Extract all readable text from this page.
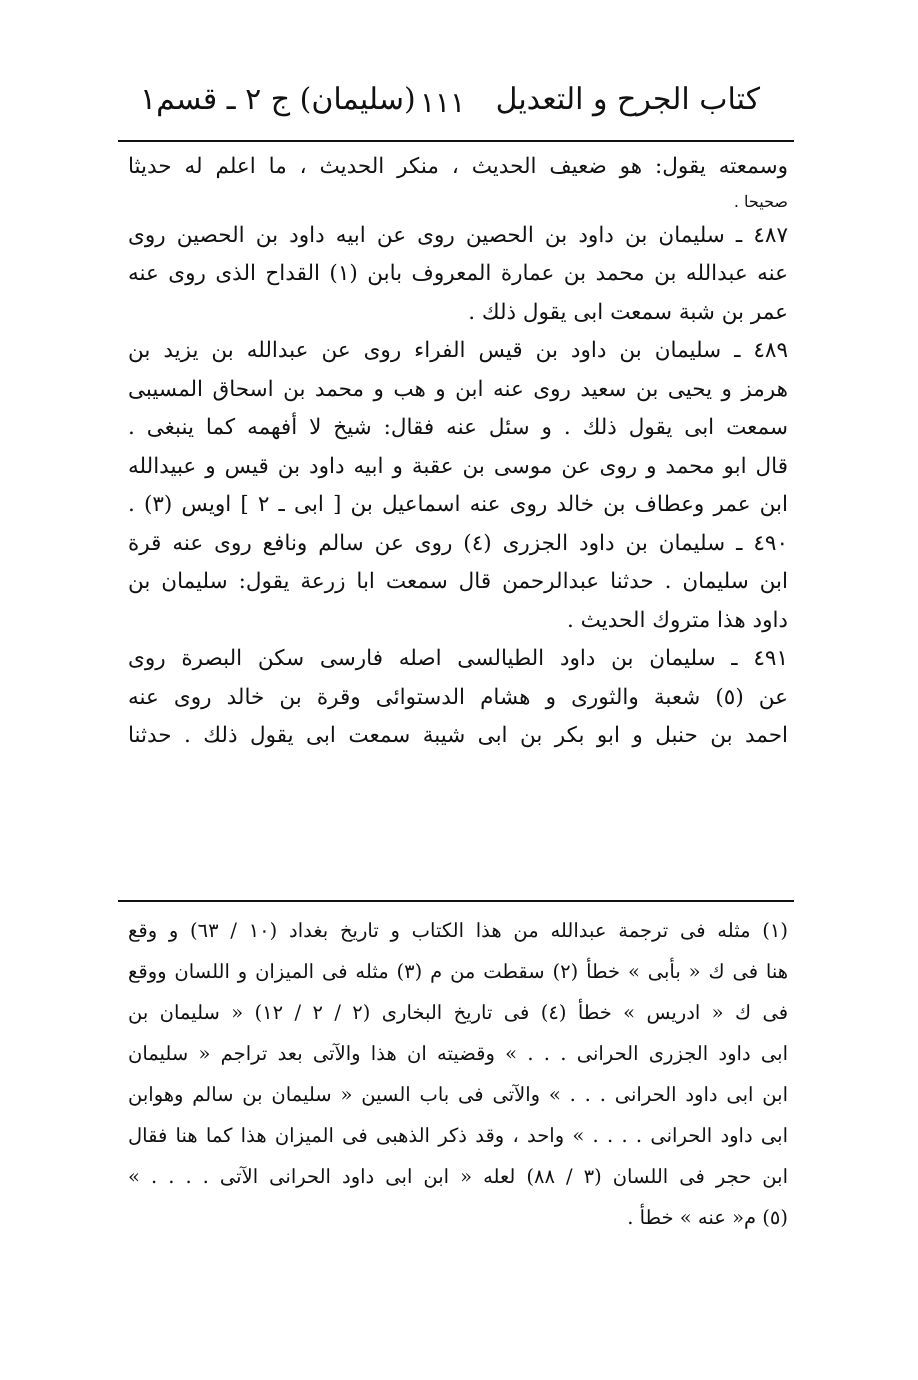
كتاب الجرح و التعديل
١١١
(سليمان) ج ٢ ـ قسم١
وسمعته يقول: هو ضعيف الحديث ، منكر الحديث ، ما اعلم له حديثا
صحيحا .
٤٨٧ ـ سليمان بن داود بن الحصين روى عن ابيه داود بن الحصين روى
عنه عبدالله بن محمد بن عمارة المعروف بابن (١) القداح الذى روى عنه
عمر بن شبة سمعت ابى يقول ذلك .
٤٨٩ ـ سليمان بن داود بن قيس الفراء روى عن عبدالله بن يزيد بن
هرمز و يحيى بن سعيد روى عنه ابن و هب و محمد بن اسحاق المسيبى
سمعت ابى يقول ذلك . و سئل عنه فقال: شيخ لا أفهمه كما ينبغى .
قال ابو محمد و روى عن موسى بن عقبة و ابيه داود بن قيس و عبيدالله
ابن عمر وعطاف بن خالد روى عنه اسماعيل بن [ ابى ـ ٢ ] اويس (٣) .
٤٩٠ ـ سليمان بن داود الجزرى (٤) روى عن سالم ونافع روى عنه قرة
ابن سليمان . حدثنا عبدالرحمن قال سمعت ابا زرعة يقول: سليمان بن
داود هذا متروك الحديث .
٤٩١ ـ سليمان بن داود الطيالسى اصله فارسى سكن البصرة روى
عن (٥) شعبة والثورى و هشام الدستوائى وقرة بن خالد روى عنه
احمد بن حنبل و ابو بكر بن ابى شيبة سمعت ابى يقول ذلك . حدثنا
(١) مثله فى ترجمة عبدالله من هذا الكتاب و تاريخ بغداد (١٠ / ٦٣) و وقع
هنا فى ك « بأبى » خطأ (٢) سقطت من م (٣) مثله فى الميزان و اللسان ووقع
فى ك « ادريس » خطأ (٤) فى تاريخ البخارى (٢ / ٢ / ١٢) « سليمان بن
ابى داود الجزرى الحرانى . . . » وقضيته ان هذا والآتى بعد تراجم « سليمان
ابن ابى داود الحرانى . . . » والآتى فى باب السين « سليمان بن سالم وهوابن
ابى داود الحرانى . . . . » واحد ، وقد ذكر الذهبى فى الميزان هذا كما هنا فقال
ابن حجر فى اللسان (٣ / ٨٨) لعله « ابن ابى داود الحرانى الآتى . . . . »
(٥) م« عنه » خطأ .
